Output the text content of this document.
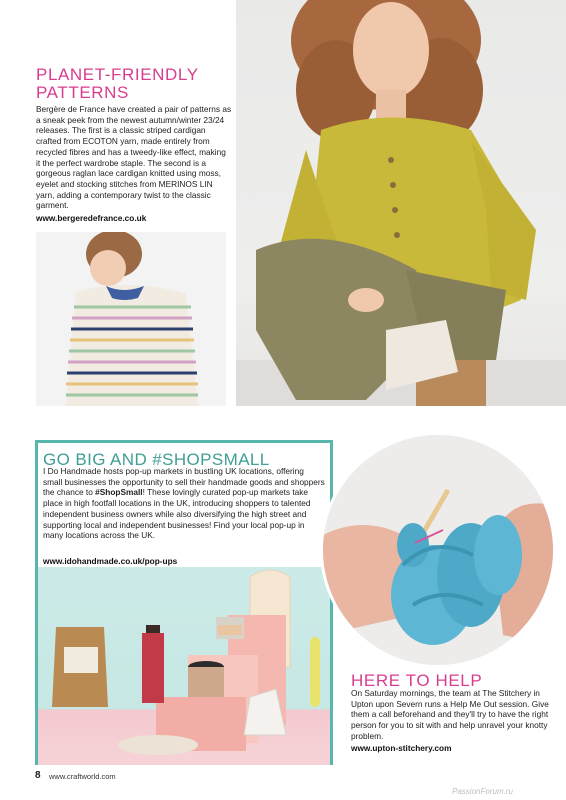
PLANET-FRIENDLY
PATTERNS
Bergère de France have created a pair of patterns as a sneak peek from the newest autumn/winter 23/24 releases. The first is a classic striped cardigan crafted from ECOTON yarn, made entirely from recycled fibres and has a tweedy-like effect, making it the perfect wardrobe staple. The second is a gorgeous raglan lace cardigan knitted using moss, eyelet and stocking stitches from MERINOS LIN yarn, adding a contemporary twist to the classic garment.
www.bergeredefrance.co.uk
GO BIG AND #SHOPSMALL
I Do Handmade hosts pop-up markets in bustling UK locations, offering small businesses the opportunity to sell their handmade goods and shoppers the chance to #ShopSmall! These lovingly curated pop-up markets take place in high footfall locations in the UK, introducing shoppers to talented independent business owners while also diversifying the high street and supporting local and independent businesses! Find your local pop-up in many locations across the UK.
www.idohandmade.co.uk/pop-ups
HERE TO HELP
On Saturday mornings, the team at The Stitchery in Upton upon Severn runs a Help Me Out session. Give them a call beforehand and they'll try to have the right person for you to sit with and help unravel your knotty problem.
www.upton-stitchery.com
8 www.craftworld.com
PassionForum.ru
